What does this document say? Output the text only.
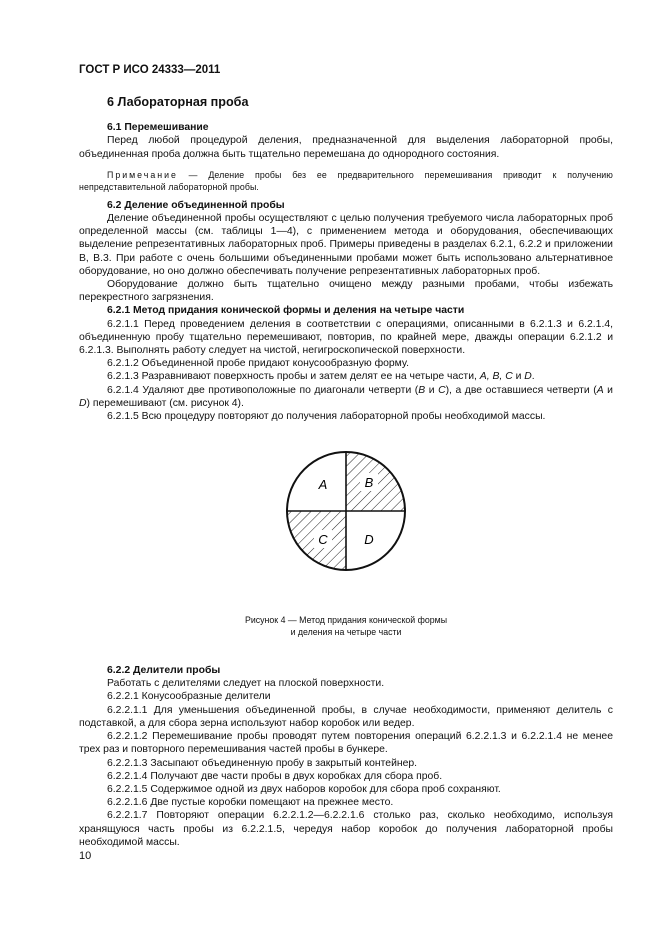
ГОСТ Р ИСО 24333—2011

6 Лабораторная проба

6.1 Перемешивание

Перед любой процедурой деления, предназначенной для выделения лабораторной пробы, объединенная проба должна быть тщательно перемешана до однородного состояния.

Примечание — Деление пробы без ее предварительного перемешивания приводит к получению непредставительной лабораторной пробы.

6.2 Деление объединенной пробы

Деление объединенной пробы осуществляют с целью получения требуемого числа лабораторных проб определенной массы (см. таблицы 1—4), с применением метода и оборудования, обеспечивающих выделение репрезентативных лабораторных проб. Примеры приведены в разделах 6.2.1, 6.2.2 и приложении В, В.3. При работе с очень большими объединенными пробами может быть использовано альтернативное оборудование, но оно должно обеспечивать получение репрезентативных лабораторных проб.

Оборудование должно быть тщательно очищено между разными пробами, чтобы избежать перекрестного загрязнения.

6.2.1 Метод придания конической формы и деления на четыре части

6.2.1.1 Перед проведением деления в соответствии с операциями, описанными в 6.2.1.3 и 6.2.1.4, объединенную пробу тщательно перемешивают, повторив, по крайней мере, дважды операции 6.2.1.2 и 6.2.1.3. Выполнять работу следует на чистой, негигроскопической поверхности.

6.2.1.2 Объединенной пробе придают конусообразную форму.

6.2.1.3 Разравнивают поверхность пробы и затем делят ее на четыре части, A, B, C и D.

6.2.1.4 Удаляют две противоположные по диагонали четверти (B и C), а две оставшиеся четверти (A и D) перемешивают (см. рисунок 4).

6.2.1.5 Всю процедуру повторяют до получения лабораторной пробы необходимой массы.

A	B
C	D

Рисунок 4 — Метод придания конической формы
и деления на четыре части

6.2.2 Делители пробы

Работать с делителями следует на плоской поверхности.

6.2.2.1 Конусообразные делители

6.2.2.1.1 Для уменьшения объединенной пробы, в случае необходимости, применяют делитель с подставкой, а для сбора зерна используют набор коробок или ведер.

6.2.2.1.2 Перемешивание пробы проводят путем повторения операций 6.2.2.1.3 и 6.2.2.1.4 не менее трех раз и повторного перемешивания частей пробы в бункере.

6.2.2.1.3 Засыпают объединенную пробу в закрытый контейнер.

6.2.2.1.4 Получают две части пробы в двух коробках для сбора проб.

6.2.2.1.5 Содержимое одной из двух наборов коробок для сбора проб сохраняют.

6.2.2.1.6 Две пустые коробки помещают на прежнее место.

6.2.2.1.7 Повторяют операции 6.2.2.1.2—6.2.2.1.6 столько раз, сколько необходимо, используя хранящуюся часть пробы из 6.2.2.1.5, чередуя набор коробок до получения лабораторной пробы необходимой массы.

10
